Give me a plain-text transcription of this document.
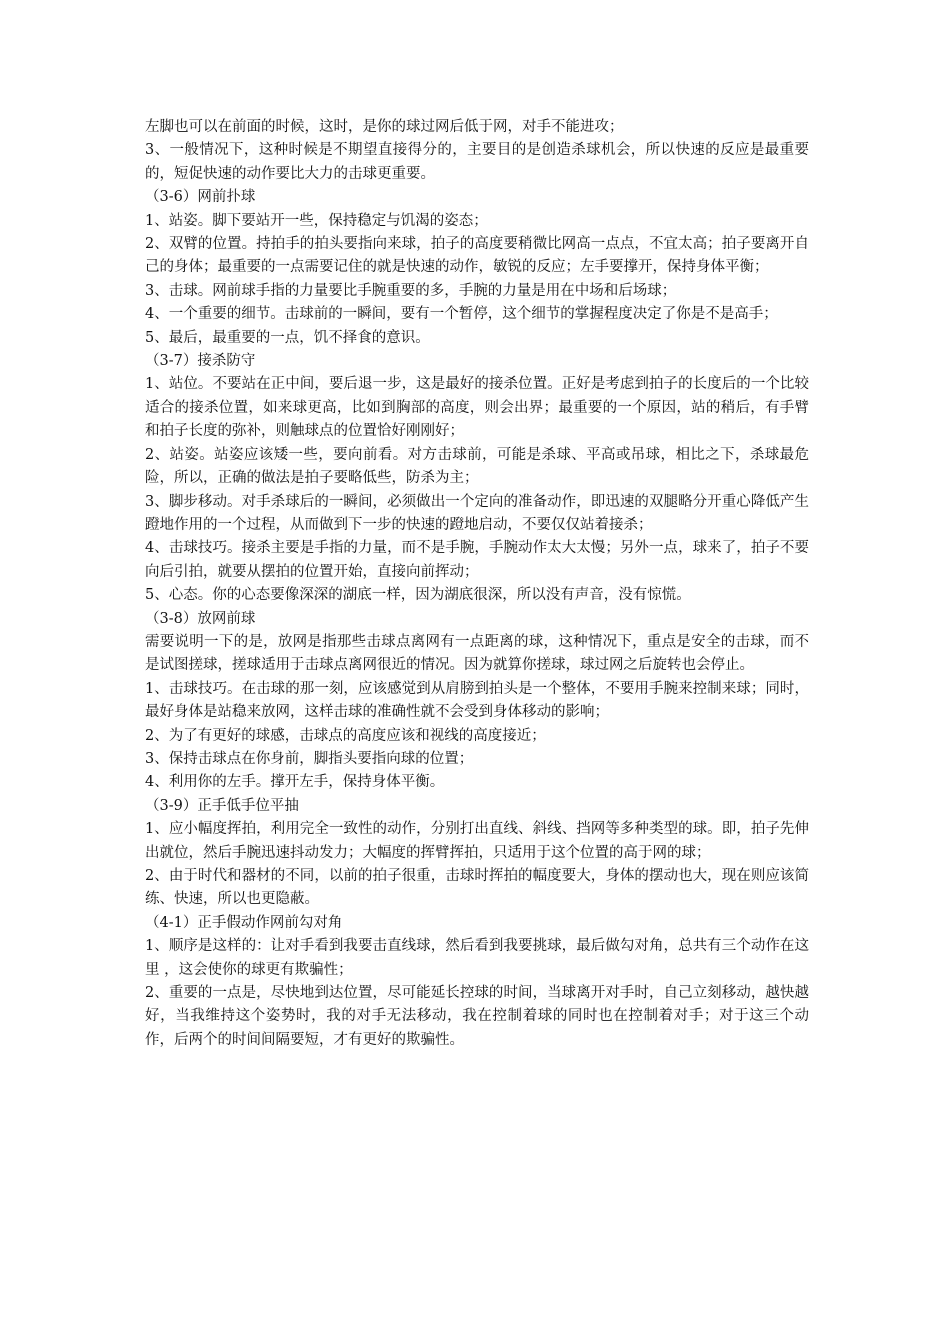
左脚也可以在前面的时候，这时，是你的球过网后低于网，对手不能进攻；

3、一般情况下，这种时候是不期望直接得分的，主要目的是创造杀球机会，所以快速的反应是最重要的，短促快速的动作要比大力的击球更重要。

（3-6）网前扑球

1、站姿。脚下要站开一些，保持稳定与饥渴的姿态；

2、双臂的位置。持拍手的拍头要指向来球，拍子的高度要稍微比网高一点点，不宜太高；拍子要离开自己的身体；最重要的一点需要记住的就是快速的动作，敏锐的反应；左手要撑开，保持身体平衡；

3、击球。网前球手指的力量要比手腕重要的多，手腕的力量是用在中场和后场球；

4、一个重要的细节。击球前的一瞬间，要有一个暂停，这个细节的掌握程度决定了你是不是高手；

5、最后，最重要的一点，饥不择食的意识。

（3-7）接杀防守

1、站位。不要站在正中间，要后退一步，这是最好的接杀位置。正好是考虑到拍子的长度后的一个比较适合的接杀位置，如来球更高，比如到胸部的高度，则会出界；最重要的一个原因，站的稍后，有手臂和拍子长度的弥补，则触球点的位置恰好刚刚好；

2、站姿。站姿应该矮一些，要向前看。对方击球前，可能是杀球、平高或吊球，相比之下，杀球最危险，所以，正确的做法是拍子要略低些，防杀为主；

3、脚步移动。对手杀球后的一瞬间，必须做出一个定向的准备动作，即迅速的双腿略分开重心降低产生蹬地作用的一个过程，从而做到下一步的快速的蹬地启动，不要仅仅站着接杀；

4、击球技巧。接杀主要是手指的力量，而不是手腕，手腕动作太大太慢；另外一点，球来了，拍子不要向后引拍，就要从摆拍的位置开始，直接向前挥动；

5、心态。你的心态要像深深的湖底一样，因为湖底很深，所以没有声音，没有惊慌。

（3-8）放网前球

需要说明一下的是，放网是指那些击球点离网有一点距离的球，这种情况下，重点是安全的击球，而不是试图搓球，搓球适用于击球点离网很近的情况。因为就算你搓球，球过网之后旋转也会停止。

1、击球技巧。在击球的那一刻，应该感觉到从肩膀到拍头是一个整体，不要用手腕来控制来球；同时，最好身体是站稳来放网，这样击球的准确性就不会受到身体移动的影响；

2、为了有更好的球感，击球点的高度应该和视线的高度接近；

3、保持击球点在你身前，脚指头要指向球的位置；

4、利用你的左手。撑开左手，保持身体平衡。

（3-9）正手低手位平抽

1、应小幅度挥拍，利用完全一致性的动作，分别打出直线、斜线、挡网等多种类型的球。即，拍子先伸出就位，然后手腕迅速抖动发力；大幅度的挥臂挥拍，只适用于这个位置的高于网的球；

2、由于时代和器材的不同，以前的拍子很重，击球时挥拍的幅度要大，身体的摆动也大，现在则应该简练、快速，所以也更隐蔽。

（4-1）正手假动作网前勾对角

1、顺序是这样的：让对手看到我要击直线球，然后看到我要挑球，最后做勾对角，总共有三个动作在这里 ，这会使你的球更有欺骗性；

2、重要的一点是，尽快地到达位置，尽可能延长控球的时间，当球离开对手时，自己立刻移动，越快越好，当我维持这个姿势时，我的对手无法移动，我在控制着球的同时也在控制着对手；对于这三个动作，后两个的时间间隔要短，才有更好的欺骗性。
